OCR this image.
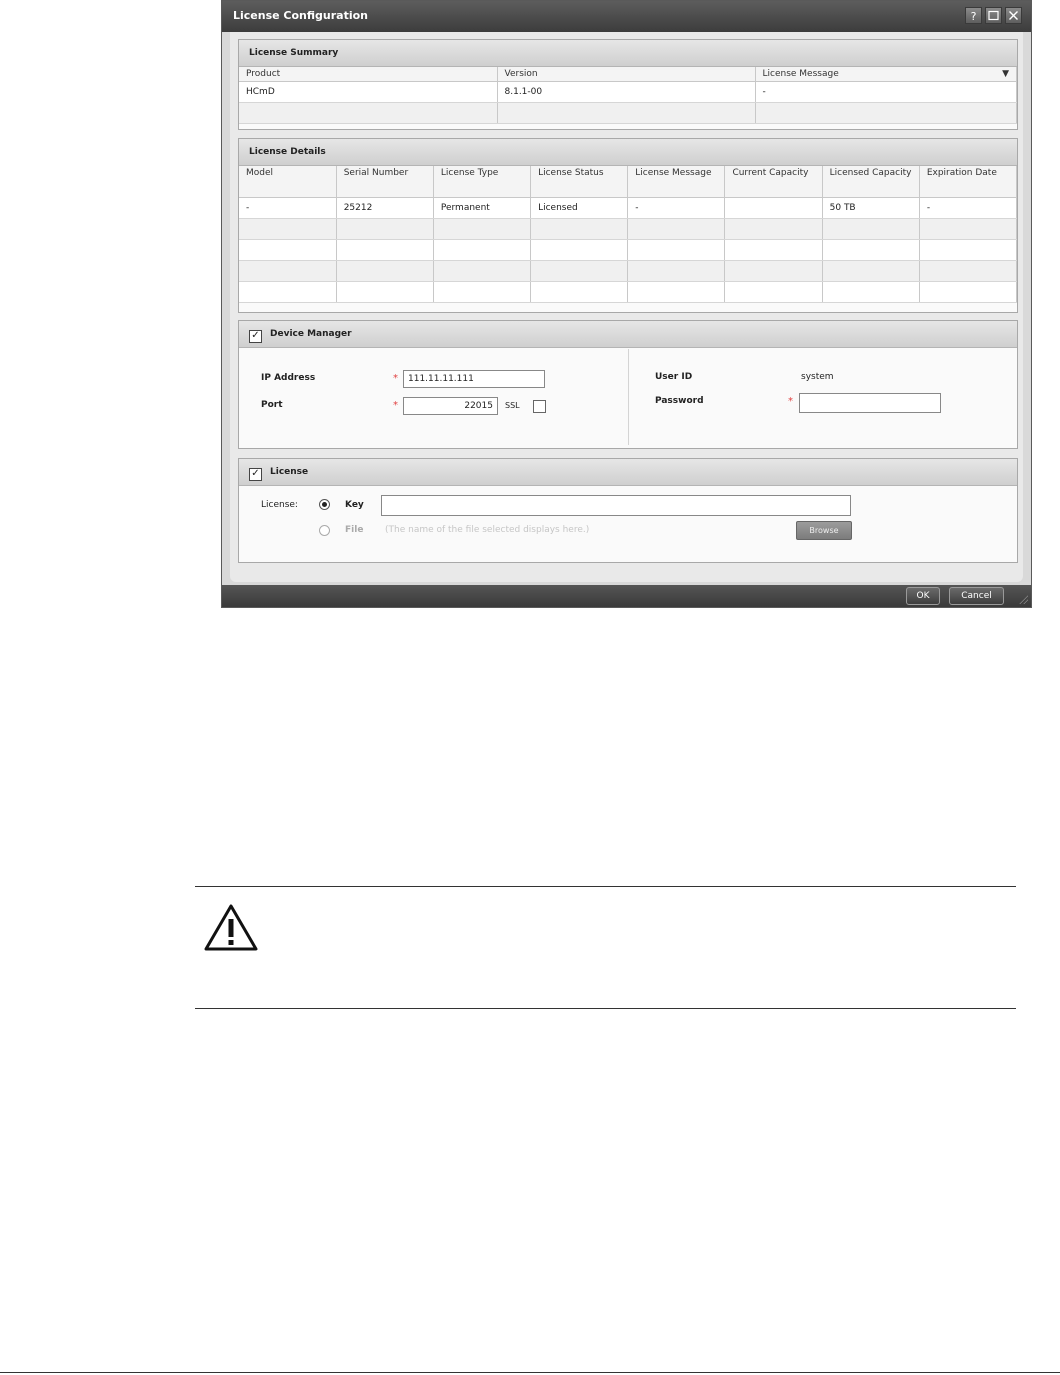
License Configuration	?
License Summary
Product	Version	License Message ▼

HCmD	8.1.1-00	-

License Details
Model	Serial Number	License Type	License Status	License Message	Current Capacity	Licensed Capacity	Expiration Date
-	25212	Permanent	Licensed	-		50 TB	-

✓ Device Manager
IP Address	*	111.11.11.111
Port	*	22015	SSL
User ID	system
Password	*
✓ License
License:	Key
File (The name of the file selected displays here.)	Browse
OK	Cancel
